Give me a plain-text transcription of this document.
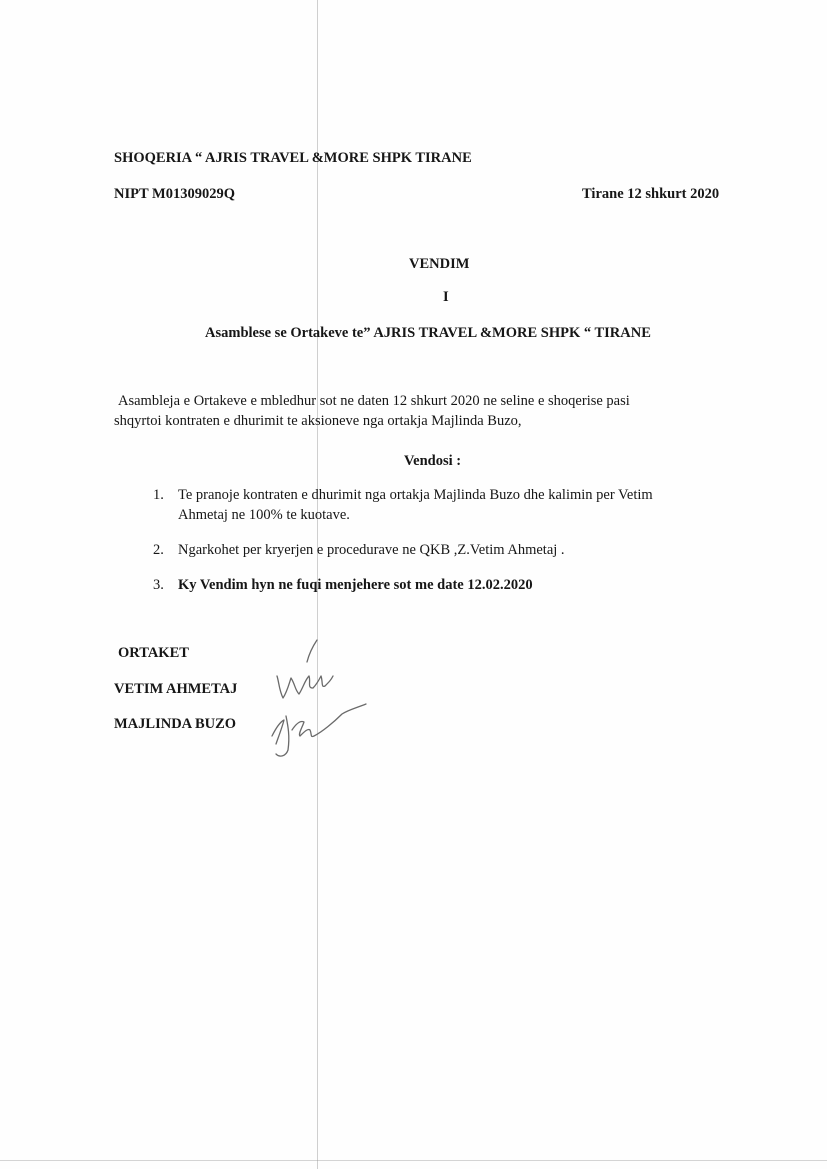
SHOQERIA “ AJRIS TRAVEL &MORE SHPK TIRANE
NIPT M01309029Q	Tirane 12 shkurt 2020
VENDIM
I
Asamblese se Ortakeve te” AJRIS TRAVEL &MORE SHPK “ TIRANE
Asambleja e Ortakeve e mbledhur sot ne daten 12 shkurt 2020 ne seline e shoqerise pasi
shqyrtoi kontraten e dhurimit te aksioneve nga ortakja Majlinda Buzo,
Vendosi :
1. Te pranoje kontraten e dhurimit nga ortakja Majlinda Buzo dhe kalimin per Vetim
Ahmetaj ne 100% te kuotave.
2. Ngarkohet per kryerjen e procedurave ne QKB ,Z.Vetim Ahmetaj .
3. Ky Vendim hyn ne fuqi menjehere sot me date 12.02.2020
ORTAKET
VETIM AHMETAJ
MAJLINDA BUZO
